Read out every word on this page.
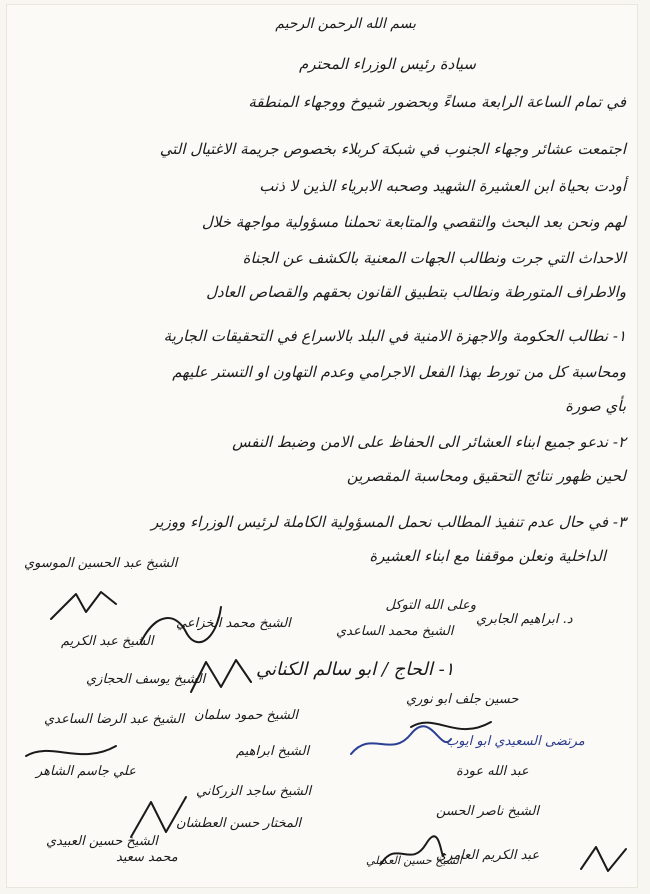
بسم الله الرحمن الرحيم
سيادة رئيس الوزراء المحترم
في تمام الساعة الرابعة مساءً وبحضور شيوخ ووجهاء المنطقة
اجتمعت عشائر وجهاء الجنوب في شبكة كربلاء بخصوص جريمة الاغتيال التي
أودت بحياة ابن العشيرة الشهيد وصحبه الابرياء الذين لا ذنب
لهم ونحن بعد البحث والتقصي والمتابعة تحملنا مسؤولية مواجهة خلال
الاحداث التي جرت ونطالب الجهات المعنية بالكشف عن الجناة
والاطراف المتورطة ونطالب بتطبيق القانون بحقهم والقصاص العادل
١- نطالب الحكومة والاجهزة الامنية في البلد بالاسراع في التحقيقات الجارية
ومحاسبة كل من تورط بهذا الفعل الاجرامي وعدم التهاون او التستر عليهم
بأي صورة
٢- ندعو جميع ابناء العشائر الى الحفاظ على الامن وضبط النفس
لحين ظهور نتائج التحقيق ومحاسبة المقصرين
٣- في حال عدم تنفيذ المطالب نحمل المسؤولية الكاملة لرئيس الوزراء ووزير
الداخلية ونعلن موقفنا مع ابناء العشيرة
وعلى الله التوكل
الشيخ عبد الحسين الموسوي
د. ابراهيم الجابري
الشيخ محمد الساعدي
الشيخ محمد الخزاعي
١- الحاج / ابو سالم الكناني
الشيخ عبد الكريم
الشيخ يوسف الحجازي
الشيخ عبد الرضا الساعدي
حسين جلف ابو نوري
الشيخ حمود سلمان
مرتضى السعيدي ابو ايوب
الشيخ ابراهيم
عبد الله عودة
الشيخ ناصر الحسن
علي جاسم الشاهر
الشيخ ساجد الزركاني
الشيخ حسين العبيدي
المختار حسن العطشان
محمد سعيد	عبد الكريم العامري
الشيخ حسين العكيلي
